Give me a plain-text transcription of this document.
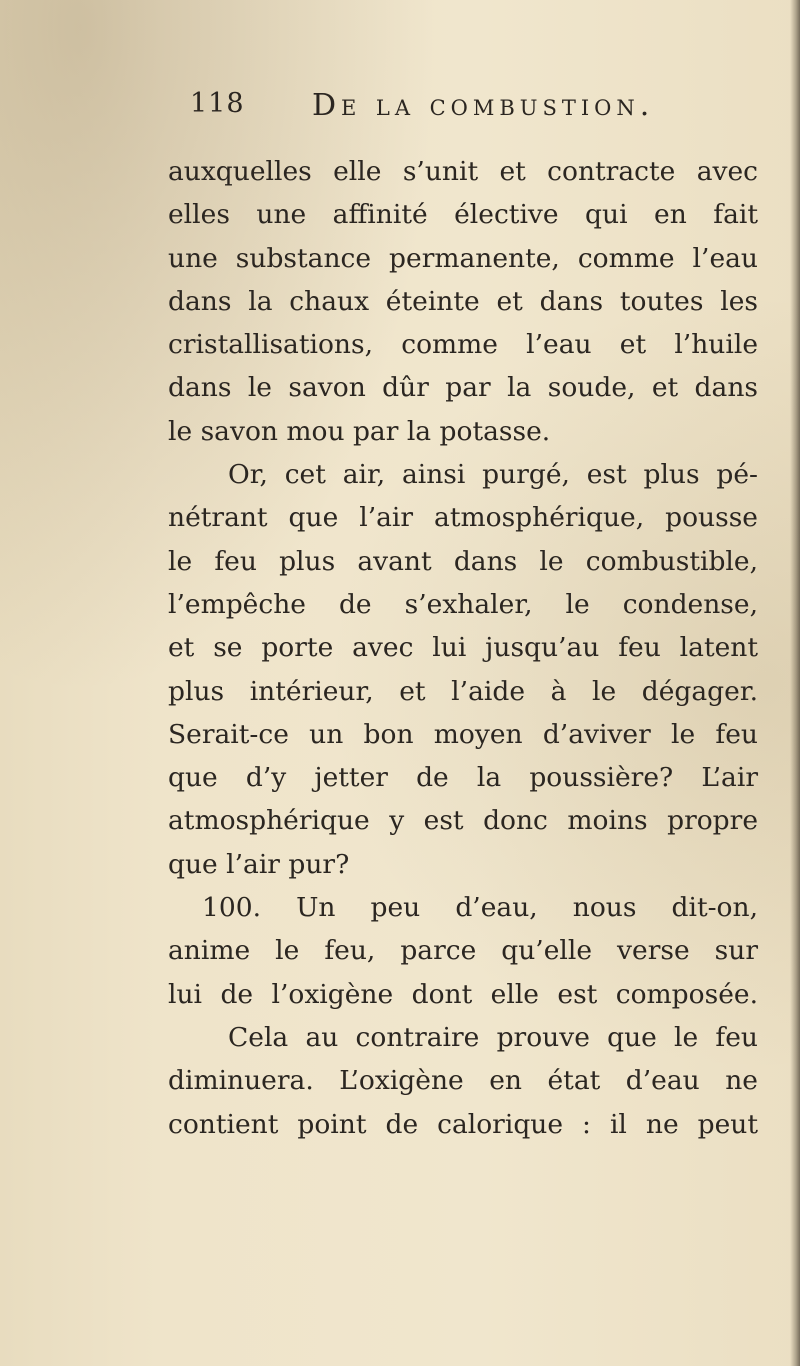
118 De la combustion.
auxquelles elle s’unit et contracte avec
elles une affinité élective qui en fait
une substance permanente, comme l’eau
dans la chaux éteinte et dans toutes les
cristallisations, comme l’eau et l’huile
dans le savon dûr par la soude, et dans
le savon mou par la potasse.
Or, cet air, ainsi purgé, est plus pé-
nétrant que l’air atmosphérique, pousse
le feu plus avant dans le combustible,
l’empêche de s’exhaler, le condense,
et se porte avec lui jusqu’au feu latent
plus intérieur, et l’aide à le dégager.
Serait-ce un bon moyen d’aviver le feu
que d’y jetter de la poussière? L’air
atmosphérique y est donc moins propre
que l’air pur?
100. Un peu d’eau, nous dit-on,
anime le feu, parce qu’elle verse sur
lui de l’oxigène dont elle est composée.
Cela au contraire prouve que le feu
diminuera. L’oxigène en état d’eau ne
contient point de calorique : il ne peut
